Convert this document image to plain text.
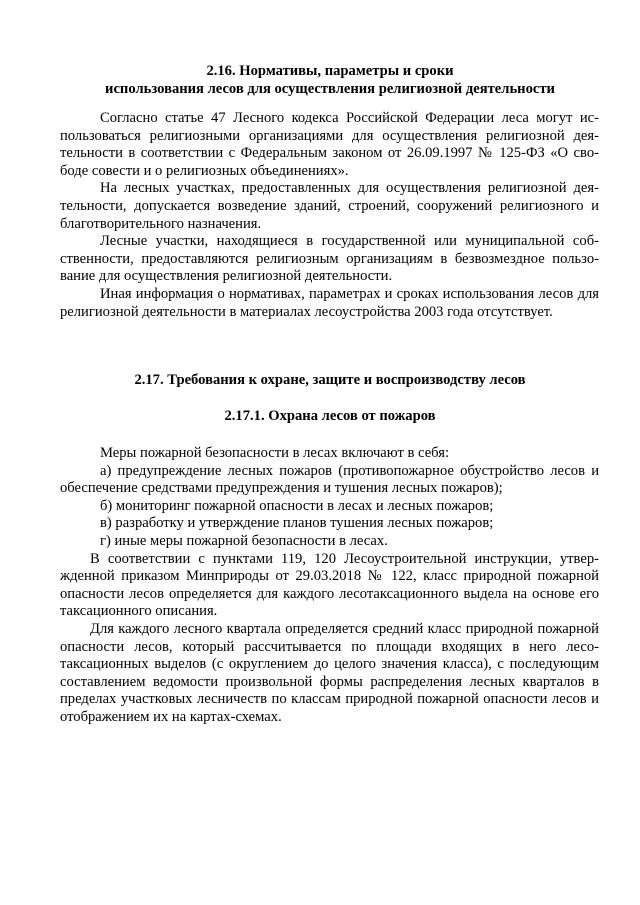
2.16. Нормативы, параметры и сроки
использования лесов для осуществления религиозной деятельности

Согласно статье 47 Лесного кодекса Российской Федерации леса могут использоваться религиозными организациями для осуществления религиозной деятельности в соответствии с Федеральным законом от 26.09.1997 № 125-ФЗ «О свободе совести и о религиозных объединениях».

На лесных участках, предоставленных для осуществления религиозной деятельности, допускается возведение зданий, строений, сооружений религиозного и благотворительного назначения.

Лесные участки, находящиеся в государственной или муниципальной собственности, предоставляются религиозным организациям в безвозмездное пользование для осуществления религиозной деятельности.

Иная информация о нормативах, параметрах и сроках использования лесов для религиозной деятельности в материалах лесоустройства 2003 года отсутствует.

2.17. Требования к охране, защите и воспроизводству лесов
2.17.1. Охрана лесов от пожаров

Меры пожарной безопасности в лесах включают в себя:

а) предупреждение лесных пожаров (противопожарное обустройство лесов и обеспечение средствами предупреждения и тушения лесных пожаров);

б) мониторинг пожарной опасности в лесах и лесных пожаров;

в) разработку и утверждение планов тушения лесных пожаров;

г) иные меры пожарной безопасности в лесах.

В соответствии с пунктами 119, 120 Лесоустроительной инструкции, утвержденной приказом Минприроды от 29.03.2018 № 122, класс природной пожарной опасности лесов определяется для каждого лесотаксационного выдела на основе его таксационного описания.

Для каждого лесного квартала определяется средний класс природной пожарной опасности лесов, который рассчитывается по площади входящих в него лесотаксационных выделов (с округлением до целого значения класса), с последующим составлением ведомости произвольной формы распределения лесных кварталов в пределах участковых лесничеств по классам природной пожарной опасности лесов и отображением их на картах-схемах.
